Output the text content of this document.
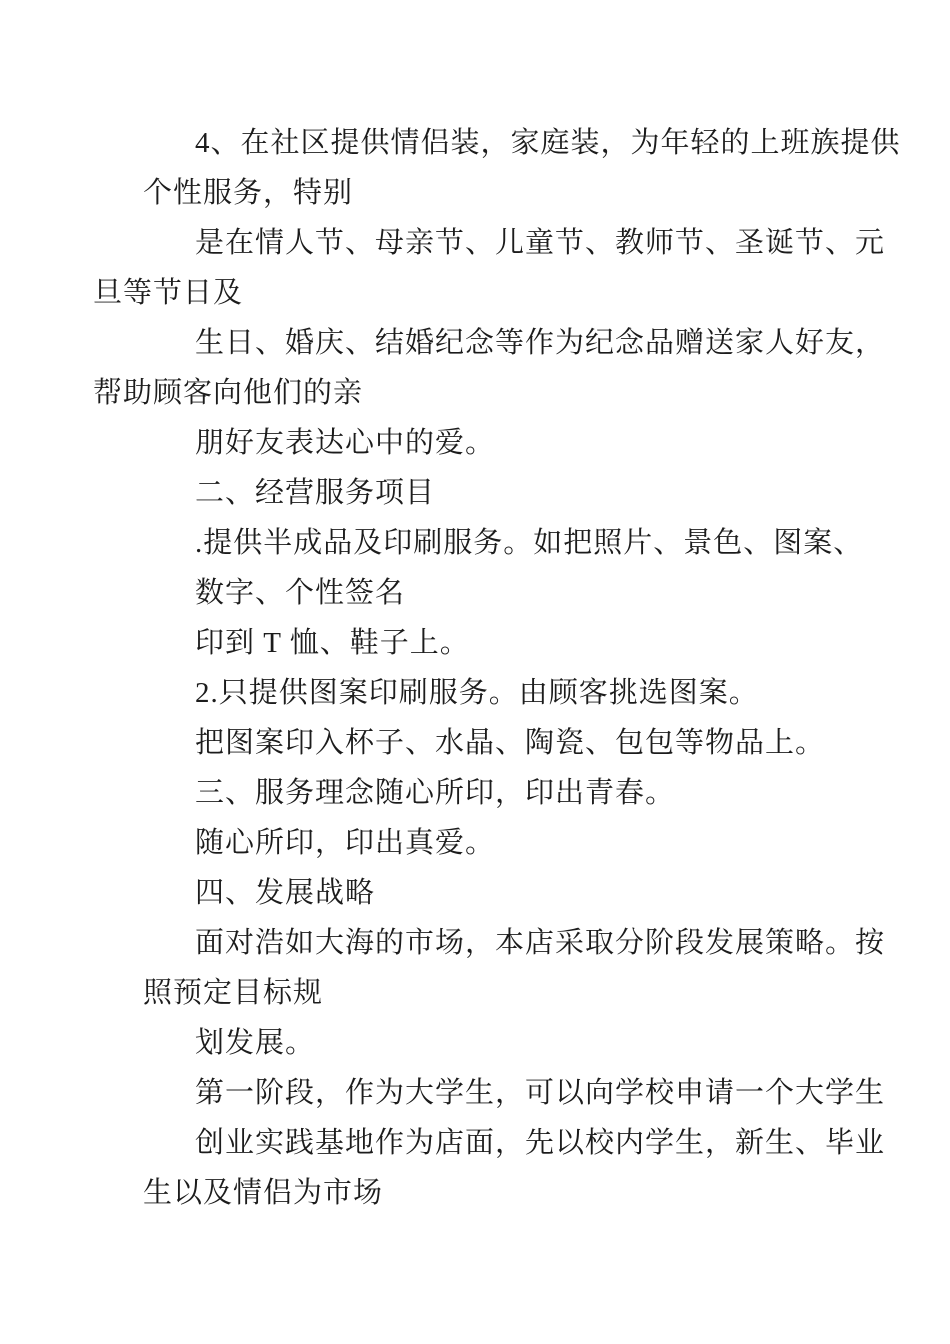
4、在社区提供情侣装，家庭装，为年轻的上班族提供

个性服务，特别

是在情人节、母亲节、儿童节、教师节、圣诞节、元

旦等节日及

生日、婚庆、结婚纪念等作为纪念品赠送家人好友，

帮助顾客向他们的亲

朋好友表达心中的爱。

二、经营服务项目

.提供半成品及印刷服务。如把照片、景色、图案、

数字、个性签名

印到 T 恤、鞋子上。

2.只提供图案印刷服务。由顾客挑选图案。

把图案印入杯子、水晶、陶瓷、包包等物品上。

三、服务理念随心所印，印出青春。

随心所印，印出真爱。

四、发展战略

面对浩如大海的市场，本店采取分阶段发展策略。按

照预定目标规

划发展。

第一阶段，作为大学生，可以向学校申请一个大学生

创业实践基地作为店面，先以校内学生，新生、毕业

生以及情侣为市场
